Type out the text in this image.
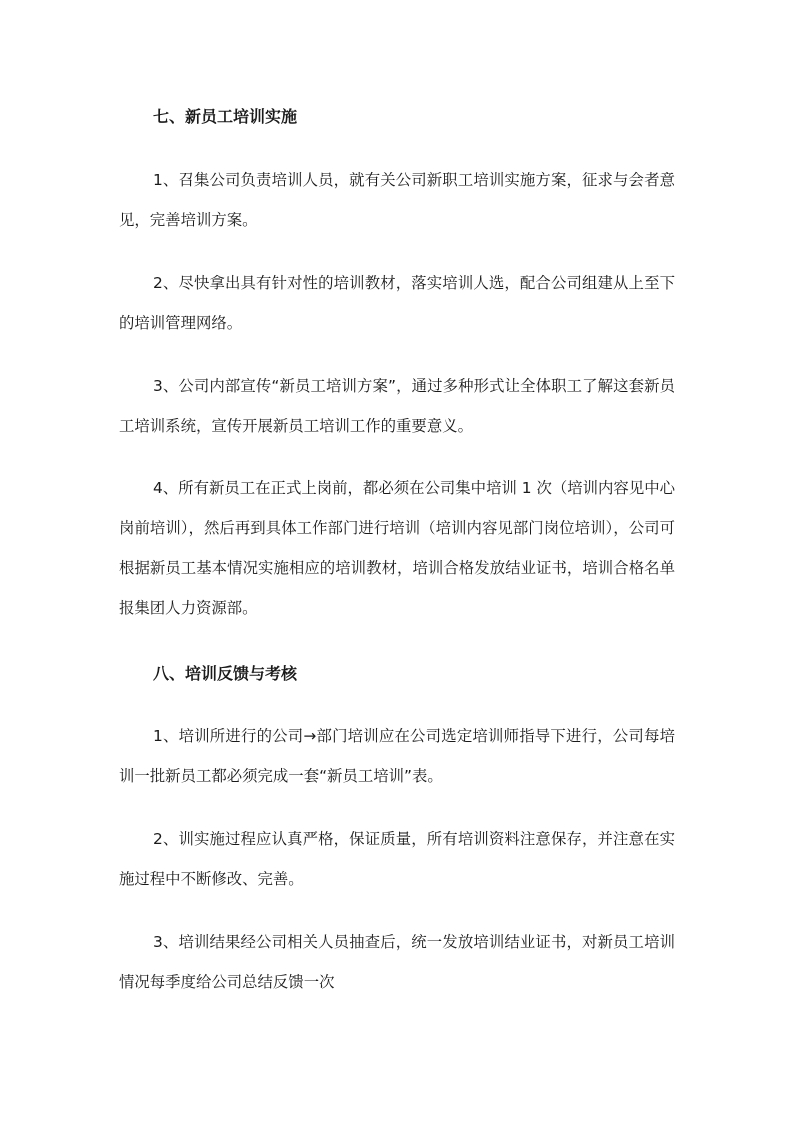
七、新员工培训实施

1、召集公司负责培训人员，就有关公司新职工培训实施方案，征求与会者意见，完善培训方案。

2、尽快拿出具有针对性的培训教材，落实培训人选，配合公司组建从上至下的培训管理网络。

3、公司内部宣传“新员工培训方案”，通过多种形式让全体职工了解这套新员工培训系统，宣传开展新员工培训工作的重要意义。

4、所有新员工在正式上岗前，都必须在公司集中培训 1 次（培训内容见中心岗前培训），然后再到具体工作部门进行培训（培训内容见部门岗位培训），公司可根据新员工基本情况实施相应的培训教材，培训合格发放结业证书，培训合格名单报集团人力资源部。

八、培训反馈与考核

1、培训所进行的公司→部门培训应在公司选定培训师指导下进行，公司每培训一批新员工都必须完成一套“新员工培训”表。

2、训实施过程应认真严格，保证质量，所有培训资料注意保存，并注意在实施过程中不断修改、完善。

3、培训结果经公司相关人员抽查后，统一发放培训结业证书，对新员工培训情况每季度给公司总结反馈一次
